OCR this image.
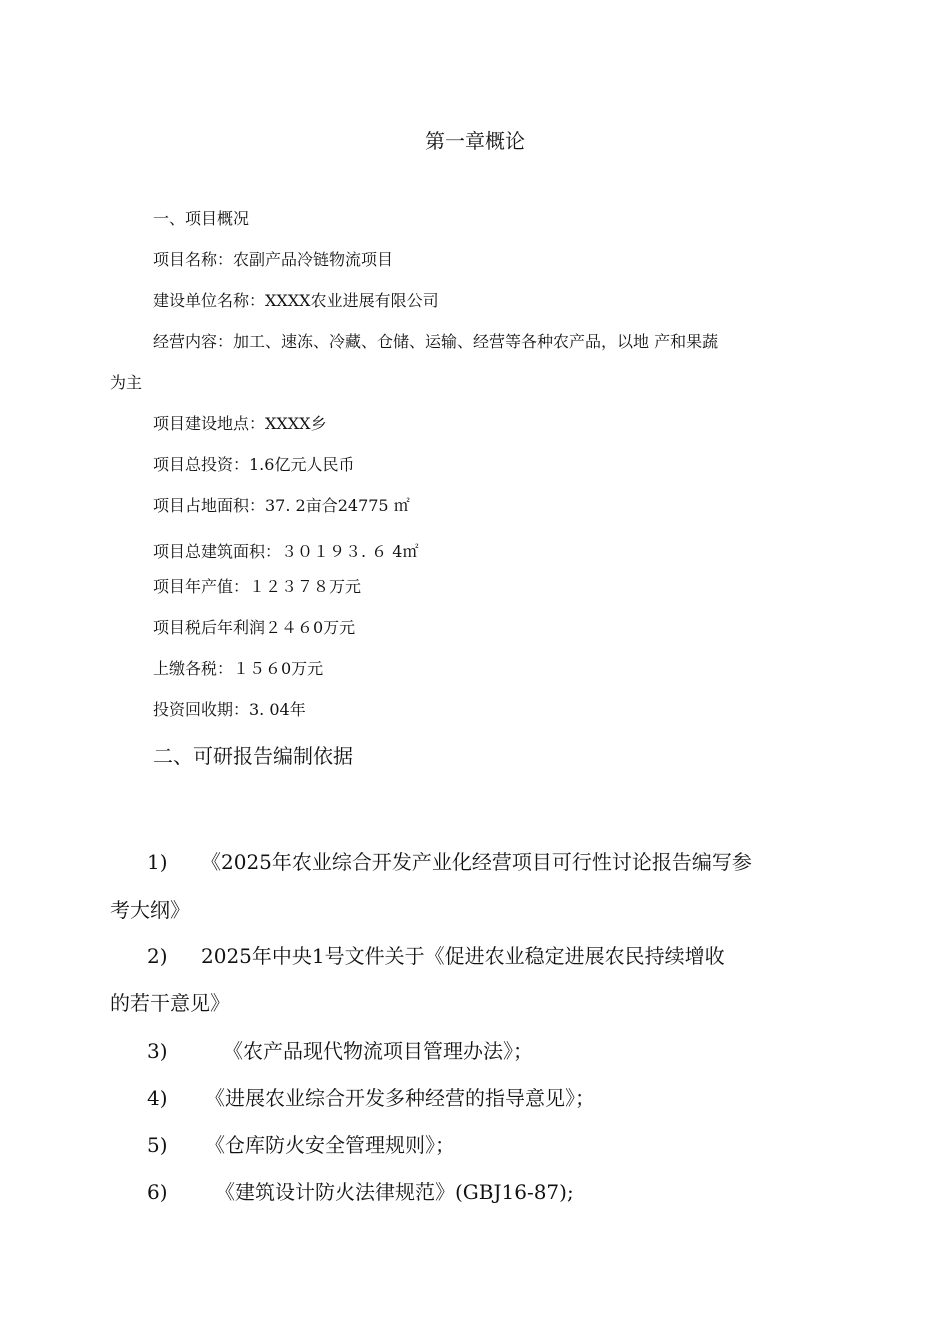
第一章概论
一、项目概况
项目名称：农副产品冷链物流项目
建设单位名称：XXXX农业进展有限公司
经营内容：加工、速冻、冷藏、仓储、运输、经营等各种农产品，以地 产和果蔬
为主
项目建设地点：XXXX乡
项目总投资：1.6亿元人民币
项目占地面积：37. 2亩合24775 ㎡
项目总建筑面积：３０１９３. ６ 4㎡
项目年产值：１２３７８万元
项目税后年利润２４６0万元
上缴各税：１５６0万元
投资回收期：3. 04年
二、可研报告编制依据
1) 《2025年农业综合开发产业化经营项目可行性讨论报告编写参
考大纲》
2) 2025年中央1号文件关于《促进农业稳定进展农民持续增收
的若干意见》
3)	《农产品现代物流项目管理办法》；
4) 《进展农业综合开发多种经营的指导意见》；
5) 《仓库防火安全管理规则》；
6) 《建筑设计防火法律规范》(GBJ16-87);
